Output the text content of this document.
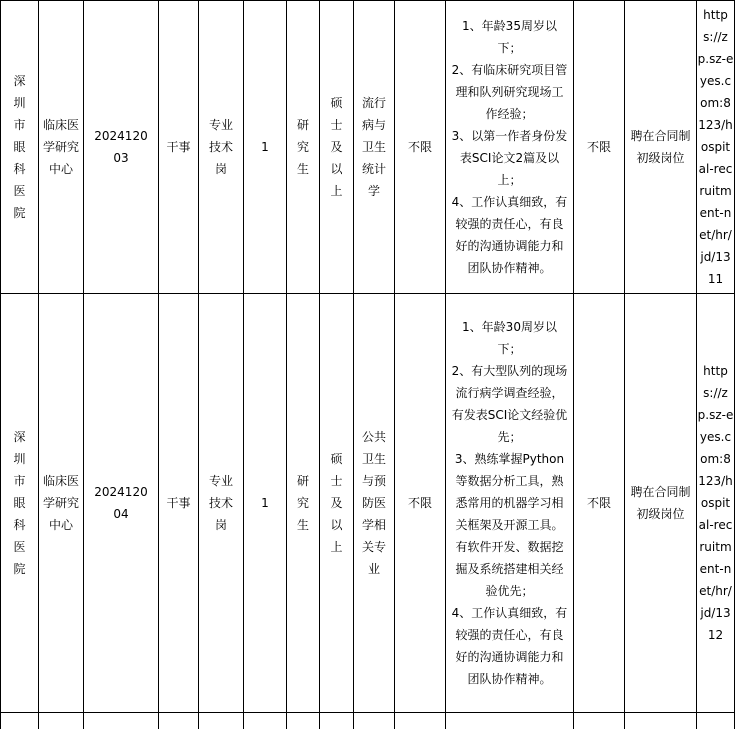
深圳市眼科医院	临床医学研究中心	2024120 03	干事	专业技术岗	1	研究生	硕士及以上	流行病与卫生统计学	不限	1、年龄35周岁以下；
2、有临床研究项目管理和队列研究现场工作经验；
3、以第一作者身份发表SCI论文2篇及以上；
4、工作认真细致，有较强的责任心，有良好的沟通协调能力和团队协作精神。	不限	聘在合同制初级岗位	https://zp.sz-eyes.com:8123/hospital-recruitment-net/hr/jd/1311

深圳市眼科医院	临床医学研究中心	2024120 04	干事	专业技术岗	1	研究生	硕士及以上	公共卫生与预防医学相关专业	不限	1、年龄30周岁以下；
2、有大型队列的现场流行病学调查经验，有发表SCI论文经验优先；
3、熟练掌握Python等数据分析工具，熟悉常用的机器学习相关框架及开源工具。有软件开发、数据挖掘及系统搭建相关经验优先；
4、工作认真细致，有较强的责任心，有良好的沟通协调能力和团队协作精神。	不限	聘在合同制初级岗位	https://zp.sz-eyes.com:8123/hospital-recruitment-net/hr/jd/1312
